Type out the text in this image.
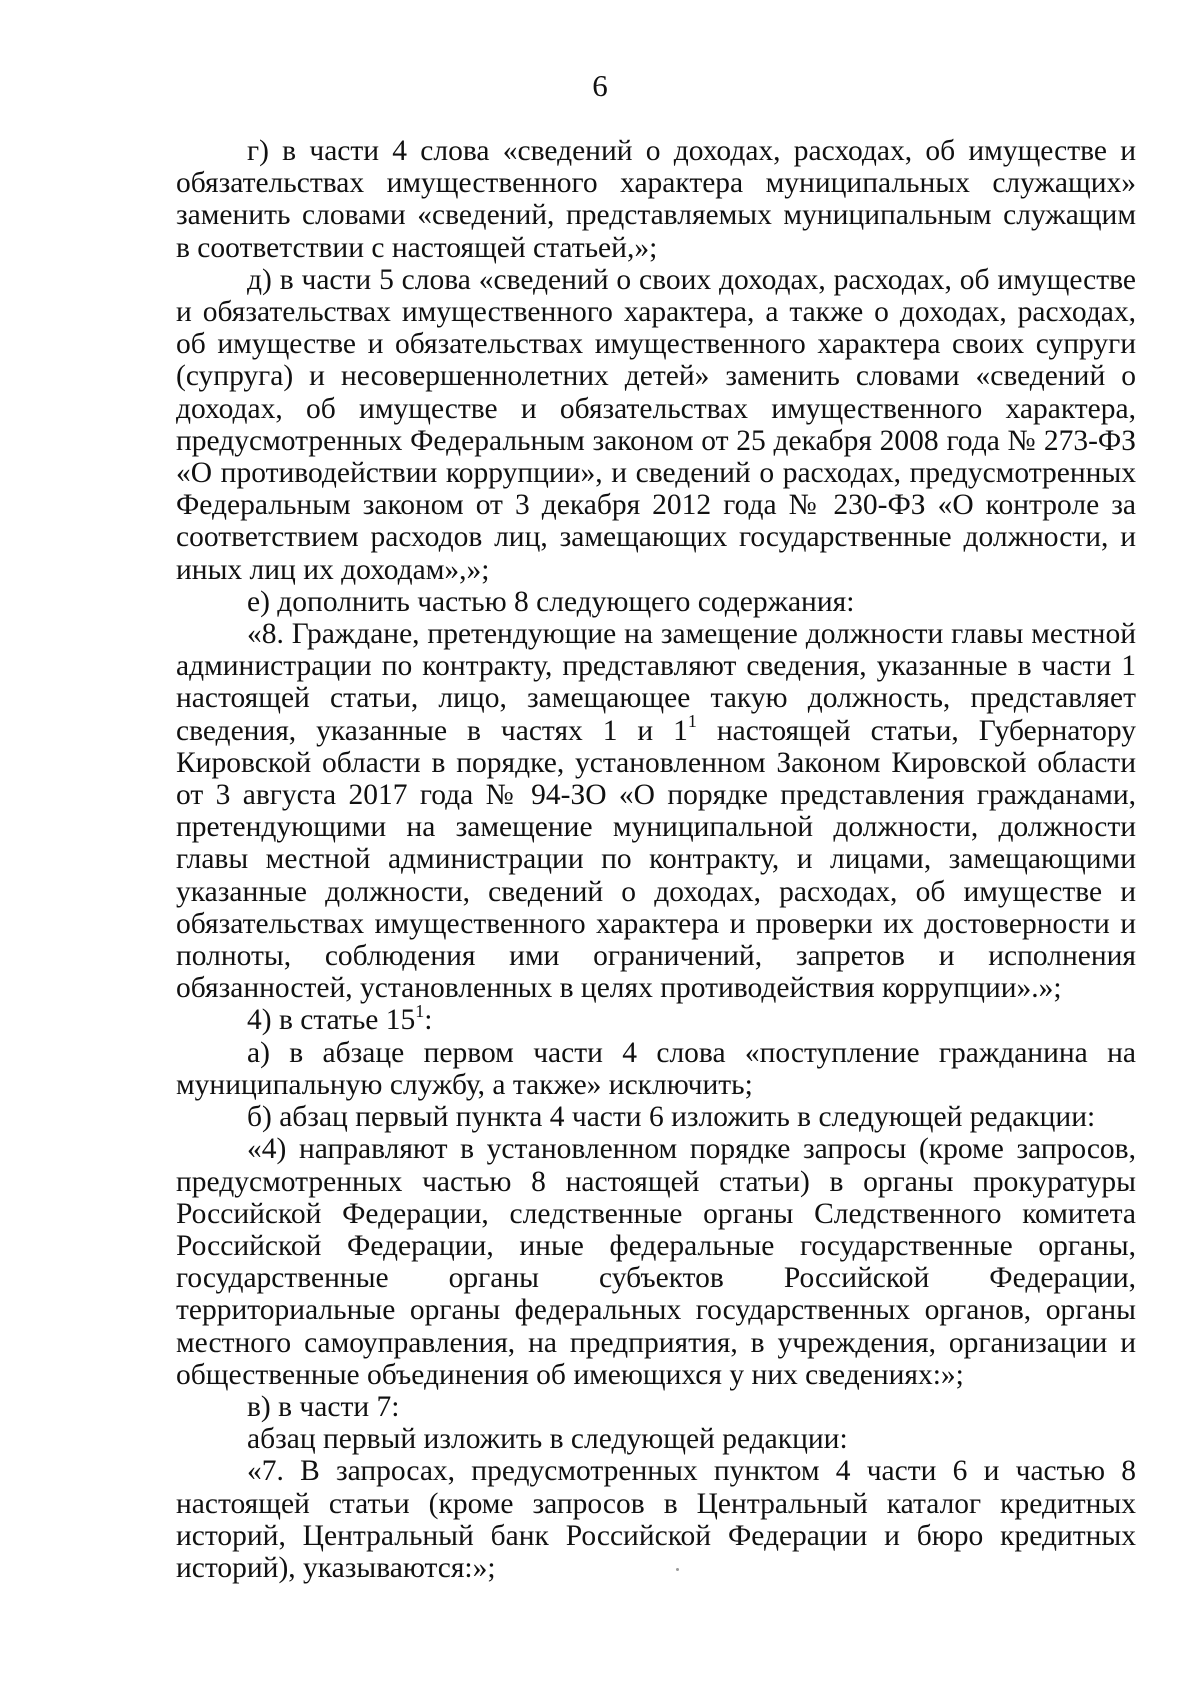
6

г) в части 4 слова «сведений о доходах, расходах, об имуществе и обязательствах имущественного характера муниципальных служащих» заменить словами «сведений, представляемых муниципальным служащим в соответствии с настоящей статьей,»;

д) в части 5 слова «сведений о своих доходах, расходах, об имуществе и обязательствах имущественного характера, а также о доходах, расходах, об имуществе и обязательствах имущественного характера своих супруги (супруга) и несовершеннолетних детей» заменить словами «сведений о доходах, об имуществе и обязательствах имущественного характера, предусмотренных Федеральным законом от 25 декабря 2008 года № 273-ФЗ «О противодействии коррупции», и сведений о расходах, предусмотренных Федеральным законом от 3 декабря 2012 года № 230-ФЗ «О контроле за соответствием расходов лиц, замещающих государственные должности, и иных лиц их доходам»,»;

е) дополнить частью 8 следующего содержания:

«8. Граждане, претендующие на замещение должности главы местной администрации по контракту, представляют сведения, указанные в части 1 настоящей статьи, лицо, замещающее такую должность, представляет сведения, указанные в частях 1 и $1^1$ настоящей статьи, Губернатору Кировской области в порядке, установленном Законом Кировской области от 3 августа 2017 года № 94-ЗО «О порядке представления гражданами, претендующими на замещение муниципальной должности, должности главы местной администрации по контракту, и лицами, замещающими указанные должности, сведений о доходах, расходах, об имуществе и обязательствах имущественного характера и проверки их достоверности и полноты, соблюдения ими ограничений, запретов и исполнения обязанностей, установленных в целях противодействия коррупции».»;

4) в статье $15^1$:

а) в абзаце первом части 4 слова «поступление гражданина на муниципальную службу, а также» исключить;

б) абзац первый пункта 4 части 6 изложить в следующей редакции:

«4) направляют в установленном порядке запросы (кроме запросов, предусмотренных частью 8 настоящей статьи) в органы прокуратуры Российской Федерации, следственные органы Следственного комитета Российской Федерации, иные федеральные государственные органы, государственные органы субъектов Российской Федерации, территориальные органы федеральных государственных органов, органы местного самоуправления, на предприятия, в учреждения, организации и общественные объединения об имеющихся у них сведениях:»;

в) в части 7:

абзац первый изложить в следующей редакции:

«7. В запросах, предусмотренных пунктом 4 части 6 и частью 8 настоящей статьи (кроме запросов в Центральный каталог кредитных историй, Центральный банк Российской Федерации и бюро кредитных историй), указываются:»;
